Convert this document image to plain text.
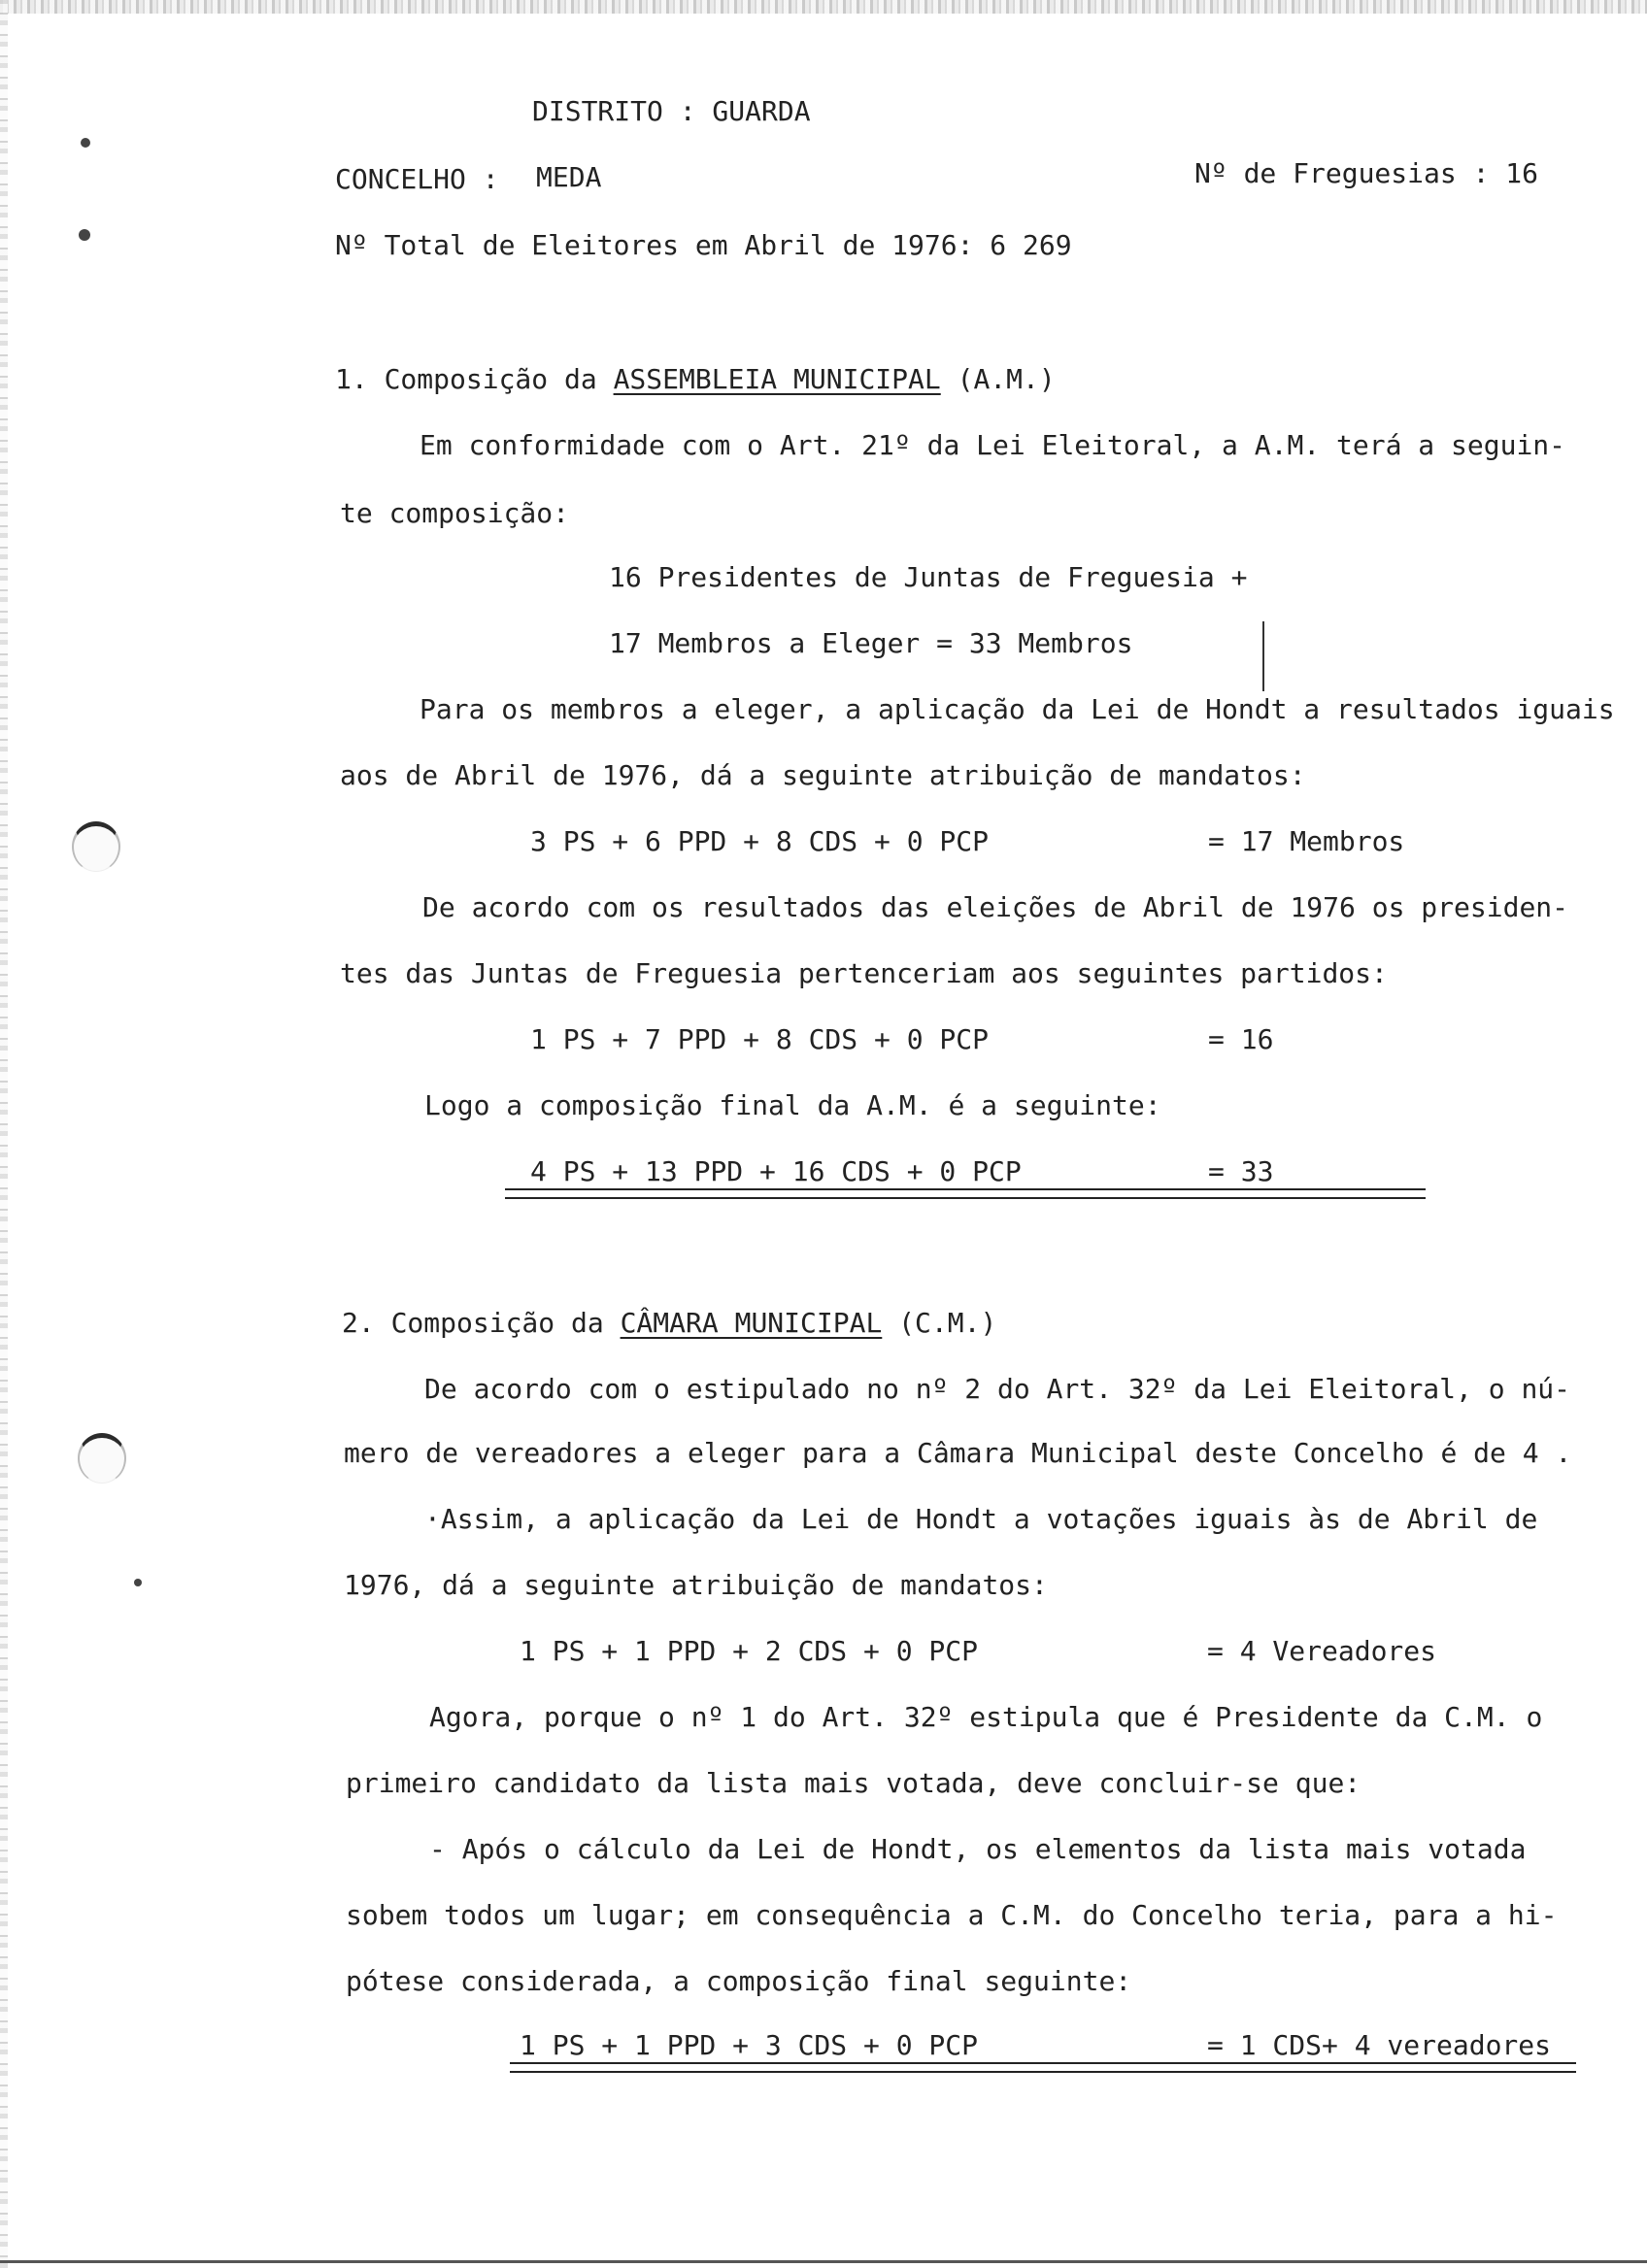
DISTRITO : GUARDA
CONCELHO : MEDA	Nº de Freguesias : 16
Nº Total de Eleitores em Abril de 1976: 6 269
1. Composição da ASSEMBLEIA MUNICIPAL (A.M.)
Em conformidade com o Art. 21º da Lei Eleitoral, a A.M. terá a seguin-
te composição:
16 Presidentes de Juntas de Freguesia +
17 Membros a Eleger = 33 Membros
Para os membros a eleger, a aplicação da Lei de Hondt a resultados iguais
aos de Abril de 1976, dá a seguinte atribuição de mandatos:
3 PS + 6 PPD + 8 CDS + 0 PCP	= 17 Membros
De acordo com os resultados das eleições de Abril de 1976 os presiden-
tes das Juntas de Freguesia pertenceriam aos seguintes partidos:
1 PS + 7 PPD + 8 CDS + 0 PCP	= 16
Logo a composição final da A.M. é a seguinte:
4 PS + 13 PPD + 16 CDS + 0 PCP	= 33
2. Composição da CÂMARA MUNICIPAL (C.M.)
De acordo com o estipulado no nº 2 do Art. 32º da Lei Eleitoral, o nú-
mero de vereadores a eleger para a Câmara Municipal deste Concelho é de 4 .
·Assim, a aplicação da Lei de Hondt a votações iguais às de Abril de
1976, dá a seguinte atribuição de mandatos:
1 PS + 1 PPD + 2 CDS + 0 PCP	= 4 Vereadores
Agora, porque o nº 1 do Art. 32º estipula que é Presidente da C.M. o
primeiro candidato da lista mais votada, deve concluir-se que:
- Após o cálculo da Lei de Hondt, os elementos da lista mais votada
sobem todos um lugar; em consequência a C.M. do Concelho teria, para a hi-
pótese considerada, a composição final seguinte:
1 PS + 1 PPD + 3 CDS + 0 PCP	= 1 CDS+ 4 vereadores
